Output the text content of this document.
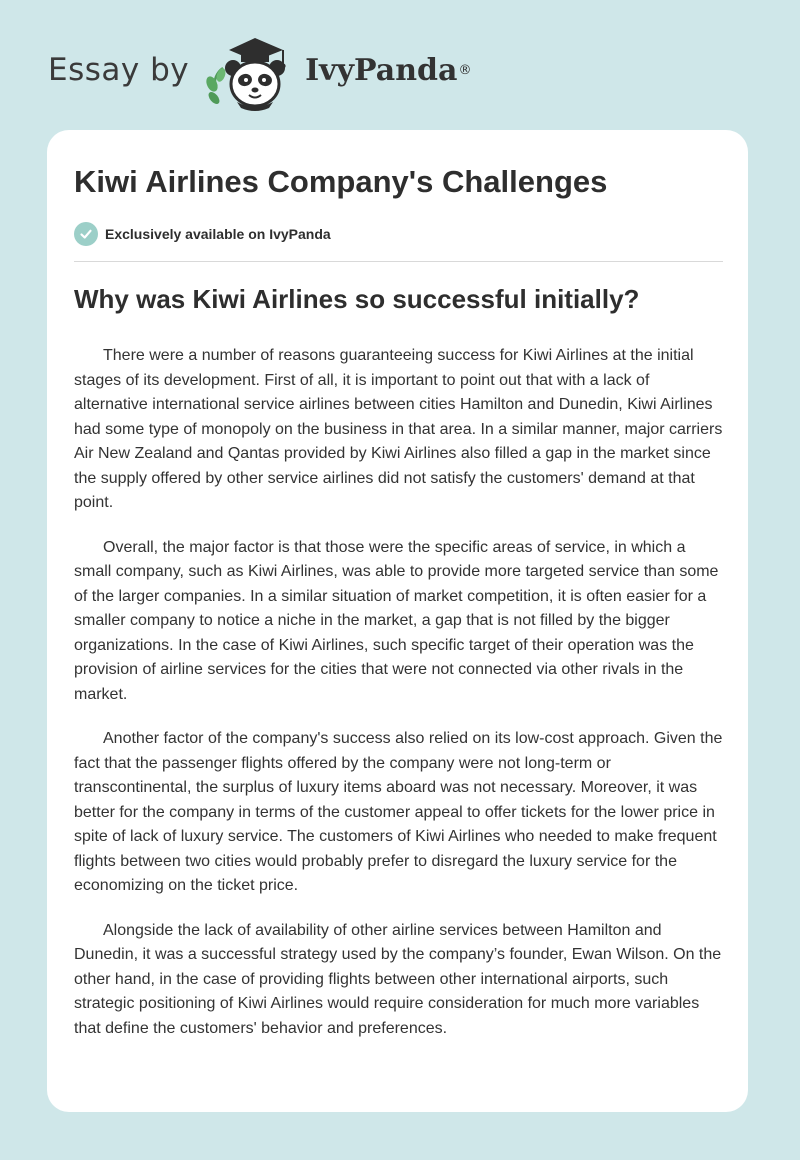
Essay by	IvyPanda ®
Kiwi Airlines Company's Challenges
Exclusively available on IvyPanda
Why was Kiwi Airlines so successful initially?

There were a number of reasons guaranteeing success for Kiwi Airlines at the initial stages of its development. First of all, it is important to point out that with a lack of alternative international service airlines between cities Hamilton and Dunedin, Kiwi Airlines had some type of monopoly on the business in that area. In a similar manner, major carriers Air New Zealand and Qantas provided by Kiwi Airlines also filled a gap in the market since the supply offered by other service airlines did not satisfy the customers' demand at that point.

Overall, the major factor is that those were the specific areas of service, in which a small company, such as Kiwi Airlines, was able to provide more targeted service than some of the larger companies. In a similar situation of market competition, it is often easier for a smaller company to notice a niche in the market, a gap that is not filled by the bigger organizations. In the case of Kiwi Airlines, such specific target of their operation was the provision of airline services for the cities that were not connected via other rivals in the market.

Another factor of the company's success also relied on its low-cost approach. Given the fact that the passenger flights offered by the company were not long-term or transcontinental, the surplus of luxury items aboard was not necessary. Moreover, it was better for the company in terms of the customer appeal to offer tickets for the lower price in spite of lack of luxury service. The customers of Kiwi Airlines who needed to make frequent flights between two cities would probably prefer to disregard the luxury service for the economizing on the ticket price.

Alongside the lack of availability of other airline services between Hamilton and Dunedin, it was a successful strategy used by the company’s founder, Ewan Wilson. On the other hand, in the case of providing flights between other international airports, such strategic positioning of Kiwi Airlines would require consideration for much more variables that define the customers' behavior and preferences.
